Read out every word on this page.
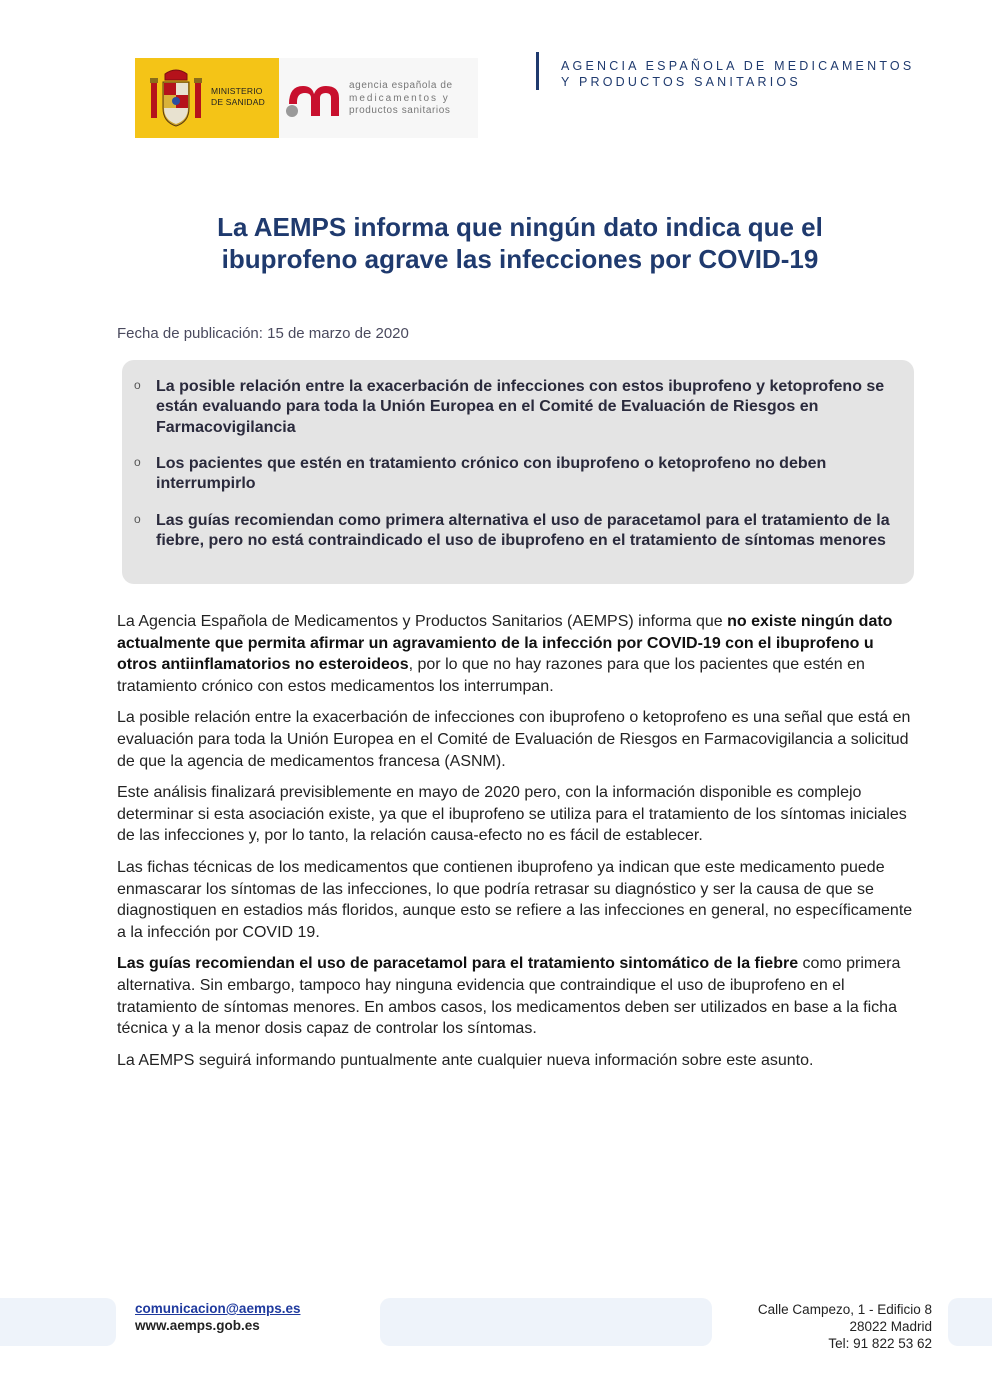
MINISTERIO
DE SANIDAD
agencia española de
medicamentos y
productos sanitarios
AGENCIA ESPAÑOLA DE MEDICAMENTOS
Y PRODUCTOS SANITARIOS
La AEMPS informa que ningún dato indica que el
ibuprofeno agrave las infecciones por COVID-19
Fecha de publicación: 15 de marzo de 2020
o La posible relación entre la exacerbación de infecciones con estos ibuprofeno y ketoprofeno se están evaluando para toda la Unión Europea en el Comité de Evaluación de Riesgos en Farmacovigilancia
o Los pacientes que estén en tratamiento crónico con ibuprofeno o ketoprofeno no deben interrumpirlo
o Las guías recomiendan como primera alternativa el uso de paracetamol para el tratamiento de la fiebre, pero no está contraindicado el uso de ibuprofeno en el tratamiento de síntomas menores

La Agencia Española de Medicamentos y Productos Sanitarios (AEMPS) informa que no existe ningún dato actualmente que permita afirmar un agravamiento de la infección por COVID-19 con el ibuprofeno u otros antiinflamatorios no esteroideos, por lo que no hay razones para que los pacientes que estén en tratamiento crónico con estos medicamentos los interrumpan.

La posible relación entre la exacerbación de infecciones con ibuprofeno o ketoprofeno es una señal que está en evaluación para toda la Unión Europea en el Comité de Evaluación de Riesgos en Farmacovigilancia a solicitud de que la agencia de medicamentos francesa (ASNM).

Este análisis finalizará previsiblemente en mayo de 2020 pero, con la información disponible es complejo determinar si esta asociación existe, ya que el ibuprofeno se utiliza para el tratamiento de los síntomas iniciales de las infecciones y, por lo tanto, la relación causa-efecto no es fácil de establecer.

Las fichas técnicas de los medicamentos que contienen ibuprofeno ya indican que este medicamento puede enmascarar los síntomas de las infecciones, lo que podría retrasar su diagnóstico y ser la causa de que se diagnostiquen en estadios más floridos, aunque esto se refiere a las infecciones en general, no específicamente a la infección por COVID 19.

Las guías recomiendan el uso de paracetamol para el tratamiento sintomático de la fiebre como primera alternativa. Sin embargo, tampoco hay ninguna evidencia que contraindique el uso de ibuprofeno en el tratamiento de síntomas menores. En ambos casos, los medicamentos deben ser utilizados en base a la ficha técnica y a la menor dosis capaz de controlar los síntomas.

La AEMPS seguirá informando puntualmente ante cualquier nueva información sobre este asunto.

comunicacion@aemps.es
www.aemps.gob.es
Calle Campezo, 1 - Edificio 8
28022 Madrid
Tel: 91 822 53 62
